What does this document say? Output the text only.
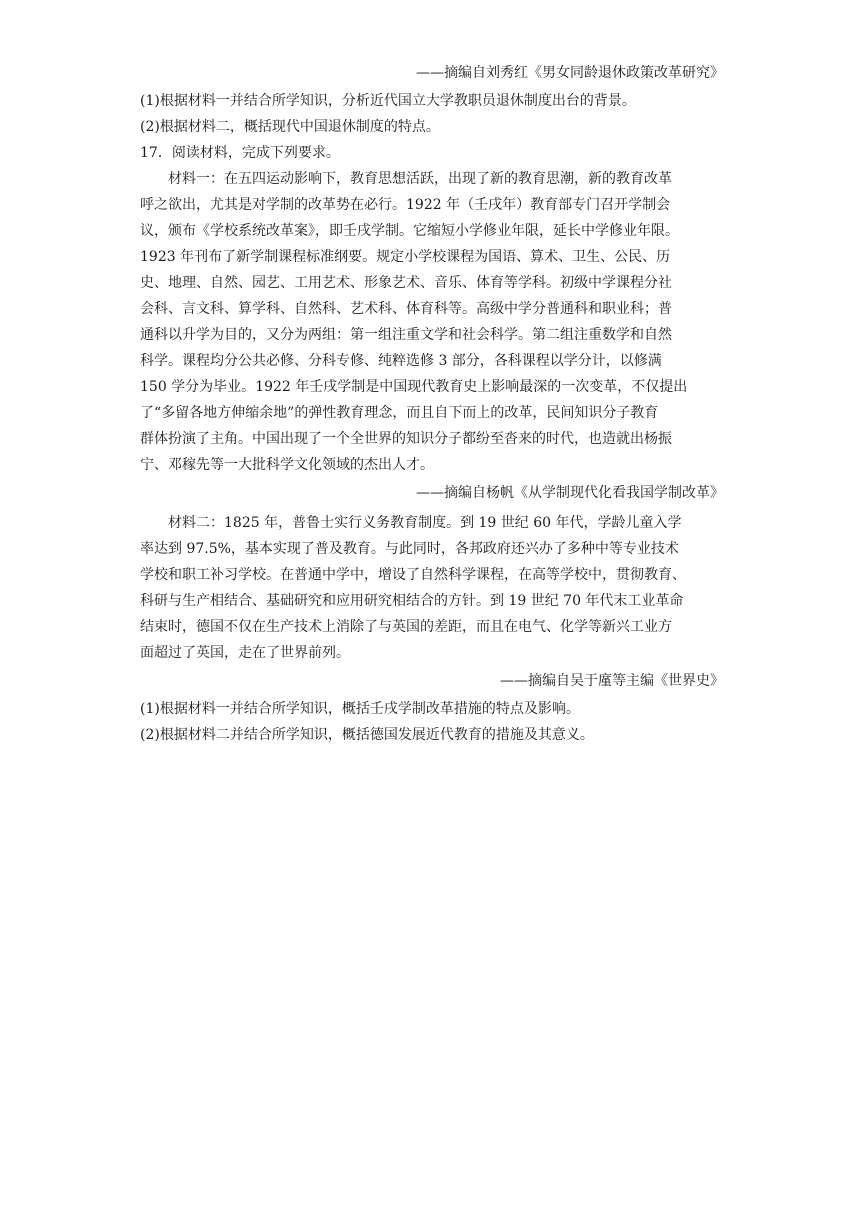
——摘编自刘秀红《男女同龄退休政策改革研究》
(1)根据材料一并结合所学知识，分析近代国立大学教职员退休制度出台的背景。
(2)根据材料二，概括现代中国退休制度的特点。
17．阅读材料，完成下列要求。
材料一：在五四运动影响下，教育思想活跃，出现了新的教育思潮，新的教育改革
呼之欲出，尤其是对学制的改革势在必行。1922 年（壬戌年）教育部专门召开学制会
议，颁布《学校系统改革案》，即壬戌学制。它缩短小学修业年限，延长中学修业年限。
1923 年刊布了新学制课程标准纲要。规定小学校课程为国语、算术、卫生、公民、历
史、地理、自然、园艺、工用艺术、形象艺术、音乐、体育等学科。初级中学课程分社
会科、言文科、算学科、自然科、艺术科、体育科等。高级中学分普通科和职业科；普
通科以升学为目的，又分为两组：第一组注重文学和社会科学。第二组注重数学和自然
科学。课程均分公共必修、分科专修、纯粹选修 3 部分，各科课程以学分计，以修满
150 学分为毕业。1922 年壬戌学制是中国现代教育史上影响最深的一次变革，不仅提出
了“多留各地方伸缩余地”的弹性教育理念，而且自下而上的改革，民间知识分子教育
群体扮演了主角。中国出现了一个全世界的知识分子都纷至沓来的时代，也造就出杨振
宁、邓稼先等一大批科学文化领域的杰出人才。
——摘编自杨帆《从学制现代化看我国学制改革》
材料二：1825 年，普鲁士实行义务教育制度。到 19 世纪 60 年代，学龄儿童入学
率达到 97.5%，基本实现了普及教育。与此同时，各邦政府还兴办了多种中等专业技术
学校和职工补习学校。在普通中学中，增设了自然科学课程，在高等学校中，贯彻教育、
科研与生产相结合、基础研究和应用研究相结合的方针。到 19 世纪 70 年代末工业革命
结束时，德国不仅在生产技术上消除了与英国的差距，而且在电气、化学等新兴工业方
面超过了英国，走在了世界前列。
——摘编自吴于廑等主编《世界史》
(1)根据材料一并结合所学知识，概括壬戌学制改革措施的特点及影响。
(2)根据材料二并结合所学知识，概括德国发展近代教育的措施及其意义。
